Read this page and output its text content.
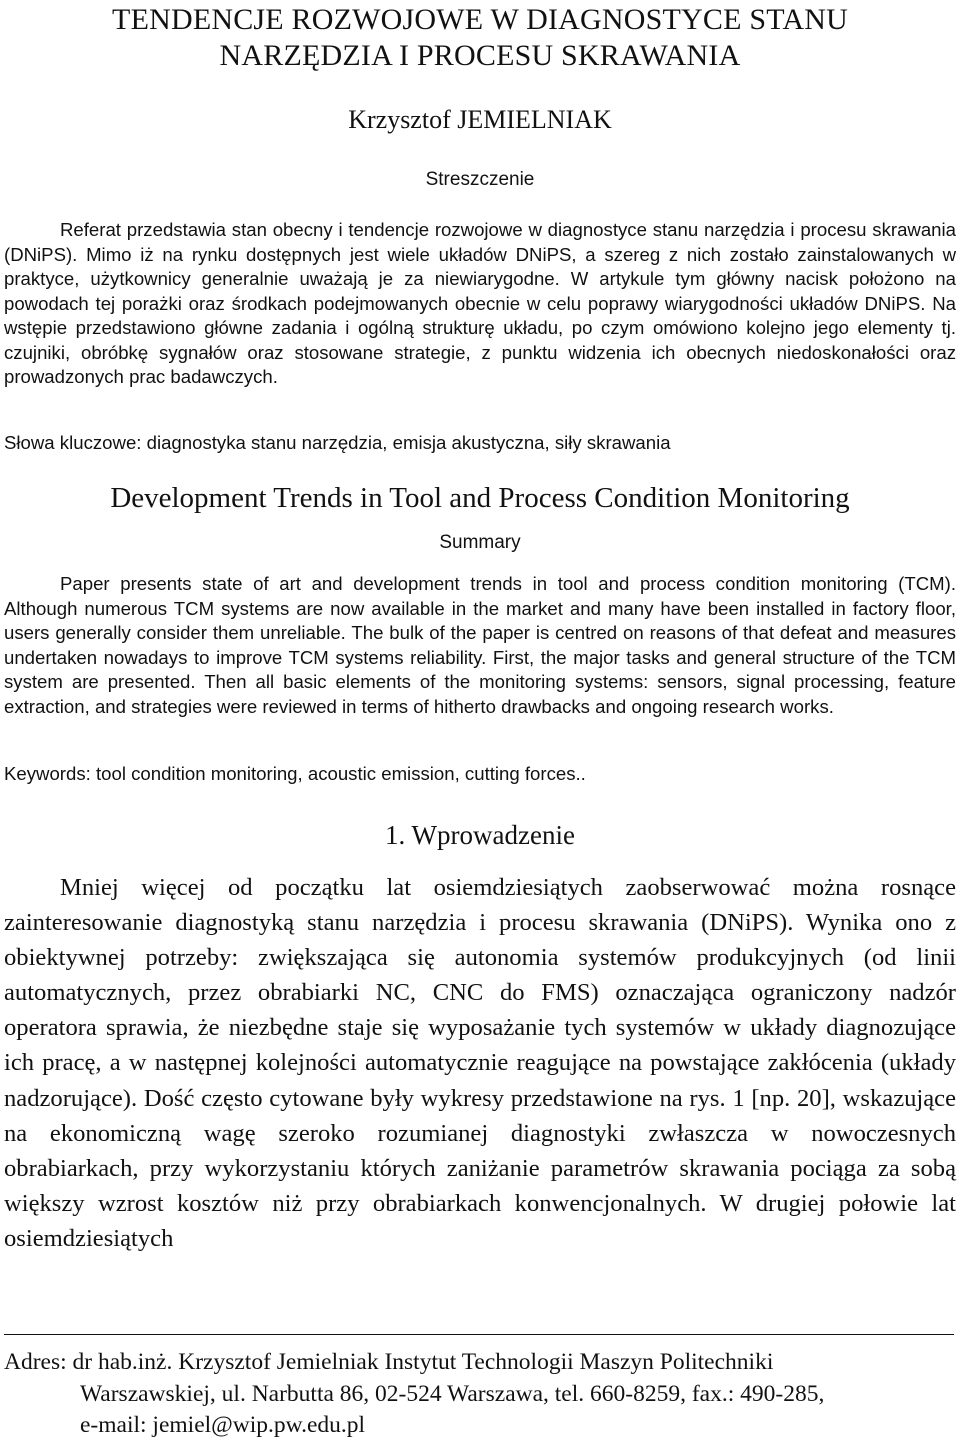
TENDENCJE ROZWOJOWE W DIAGNOSTYCE STANU
NARZĘDZIA I PROCESU SKRAWANIA
Krzysztof JEMIELNIAK
Streszczenie
Referat przedstawia stan obecny i tendencje rozwojowe w diagnostyce stanu narzędzia i procesu skrawania (DNiPS). Mimo iż na rynku dostępnych jest wiele układów DNiPS, a szereg z nich zostało zainstalowanych w praktyce, użytkownicy generalnie uważają je za niewiarygodne. W artykule tym główny nacisk położono na powodach tej porażki oraz środkach podejmowanych obecnie w celu poprawy wiarygodności układów DNiPS. Na wstępie przedstawiono główne zadania i ogólną strukturę układu, po czym omówiono kolejno jego elementy tj. czujniki, obróbkę sygnałów oraz stosowane strategie, z punktu widzenia ich obecnych niedoskonałości oraz prowadzonych prac badawczych.
Słowa kluczowe: diagnostyka stanu narzędzia, emisja akustyczna, siły skrawania
Development Trends in Tool and Process Condition Monitoring
Summary
Paper presents state of art and development trends in tool and process condition monitoring (TCM). Although numerous TCM systems are now available in the market and many have been installed in factory floor, users generally consider them unreliable. The bulk of the paper is centred on reasons of that defeat and measures undertaken nowadays to improve TCM systems reliability. First, the major tasks and general structure of the TCM system are presented. Then all basic elements of the monitoring systems: sensors, signal processing, feature extraction, and strategies were reviewed in terms of hitherto drawbacks and ongoing research works.
Keywords: tool condition monitoring, acoustic emission, cutting forces..
1. Wprowadzenie
Mniej więcej od początku lat osiemdziesiątych zaobserwować można rosnące zainteresowanie diagnostyką stanu narzędzia i procesu skrawania (DNiPS). Wynika ono z obiektywnej potrzeby: zwiększająca się autonomia systemów produkcyjnych (od linii automatycznych, przez obrabiarki NC, CNC do FMS) oznaczająca ograniczony nadzór operatora sprawia, że niezbędne staje się wyposażanie tych systemów w układy diagnozujące ich pracę, a w następnej kolejności automatycznie reagujące na powstające zakłócenia (układy nadzorujące). Dość często cytowane były wykresy przedstawione na rys. 1 [np. 20], wskazujące na ekonomiczną wagę szeroko rozumianej diagnostyki zwłaszcza w nowoczesnych obrabiarkach, przy wykorzystaniu których zaniżanie parametrów skrawania pociąga za sobą większy wzrost kosztów niż przy obrabiarkach konwencjonalnych. W drugiej połowie lat osiemdziesiątych
Adres: dr hab.inż. Krzysztof Jemielniak Instytut Technologii Maszyn Politechniki
Warszawskiej, ul. Narbutta 86, 02-524 Warszawa, tel. 660-8259, fax.: 490-285,
e-mail: jemiel@wip.pw.edu.pl
